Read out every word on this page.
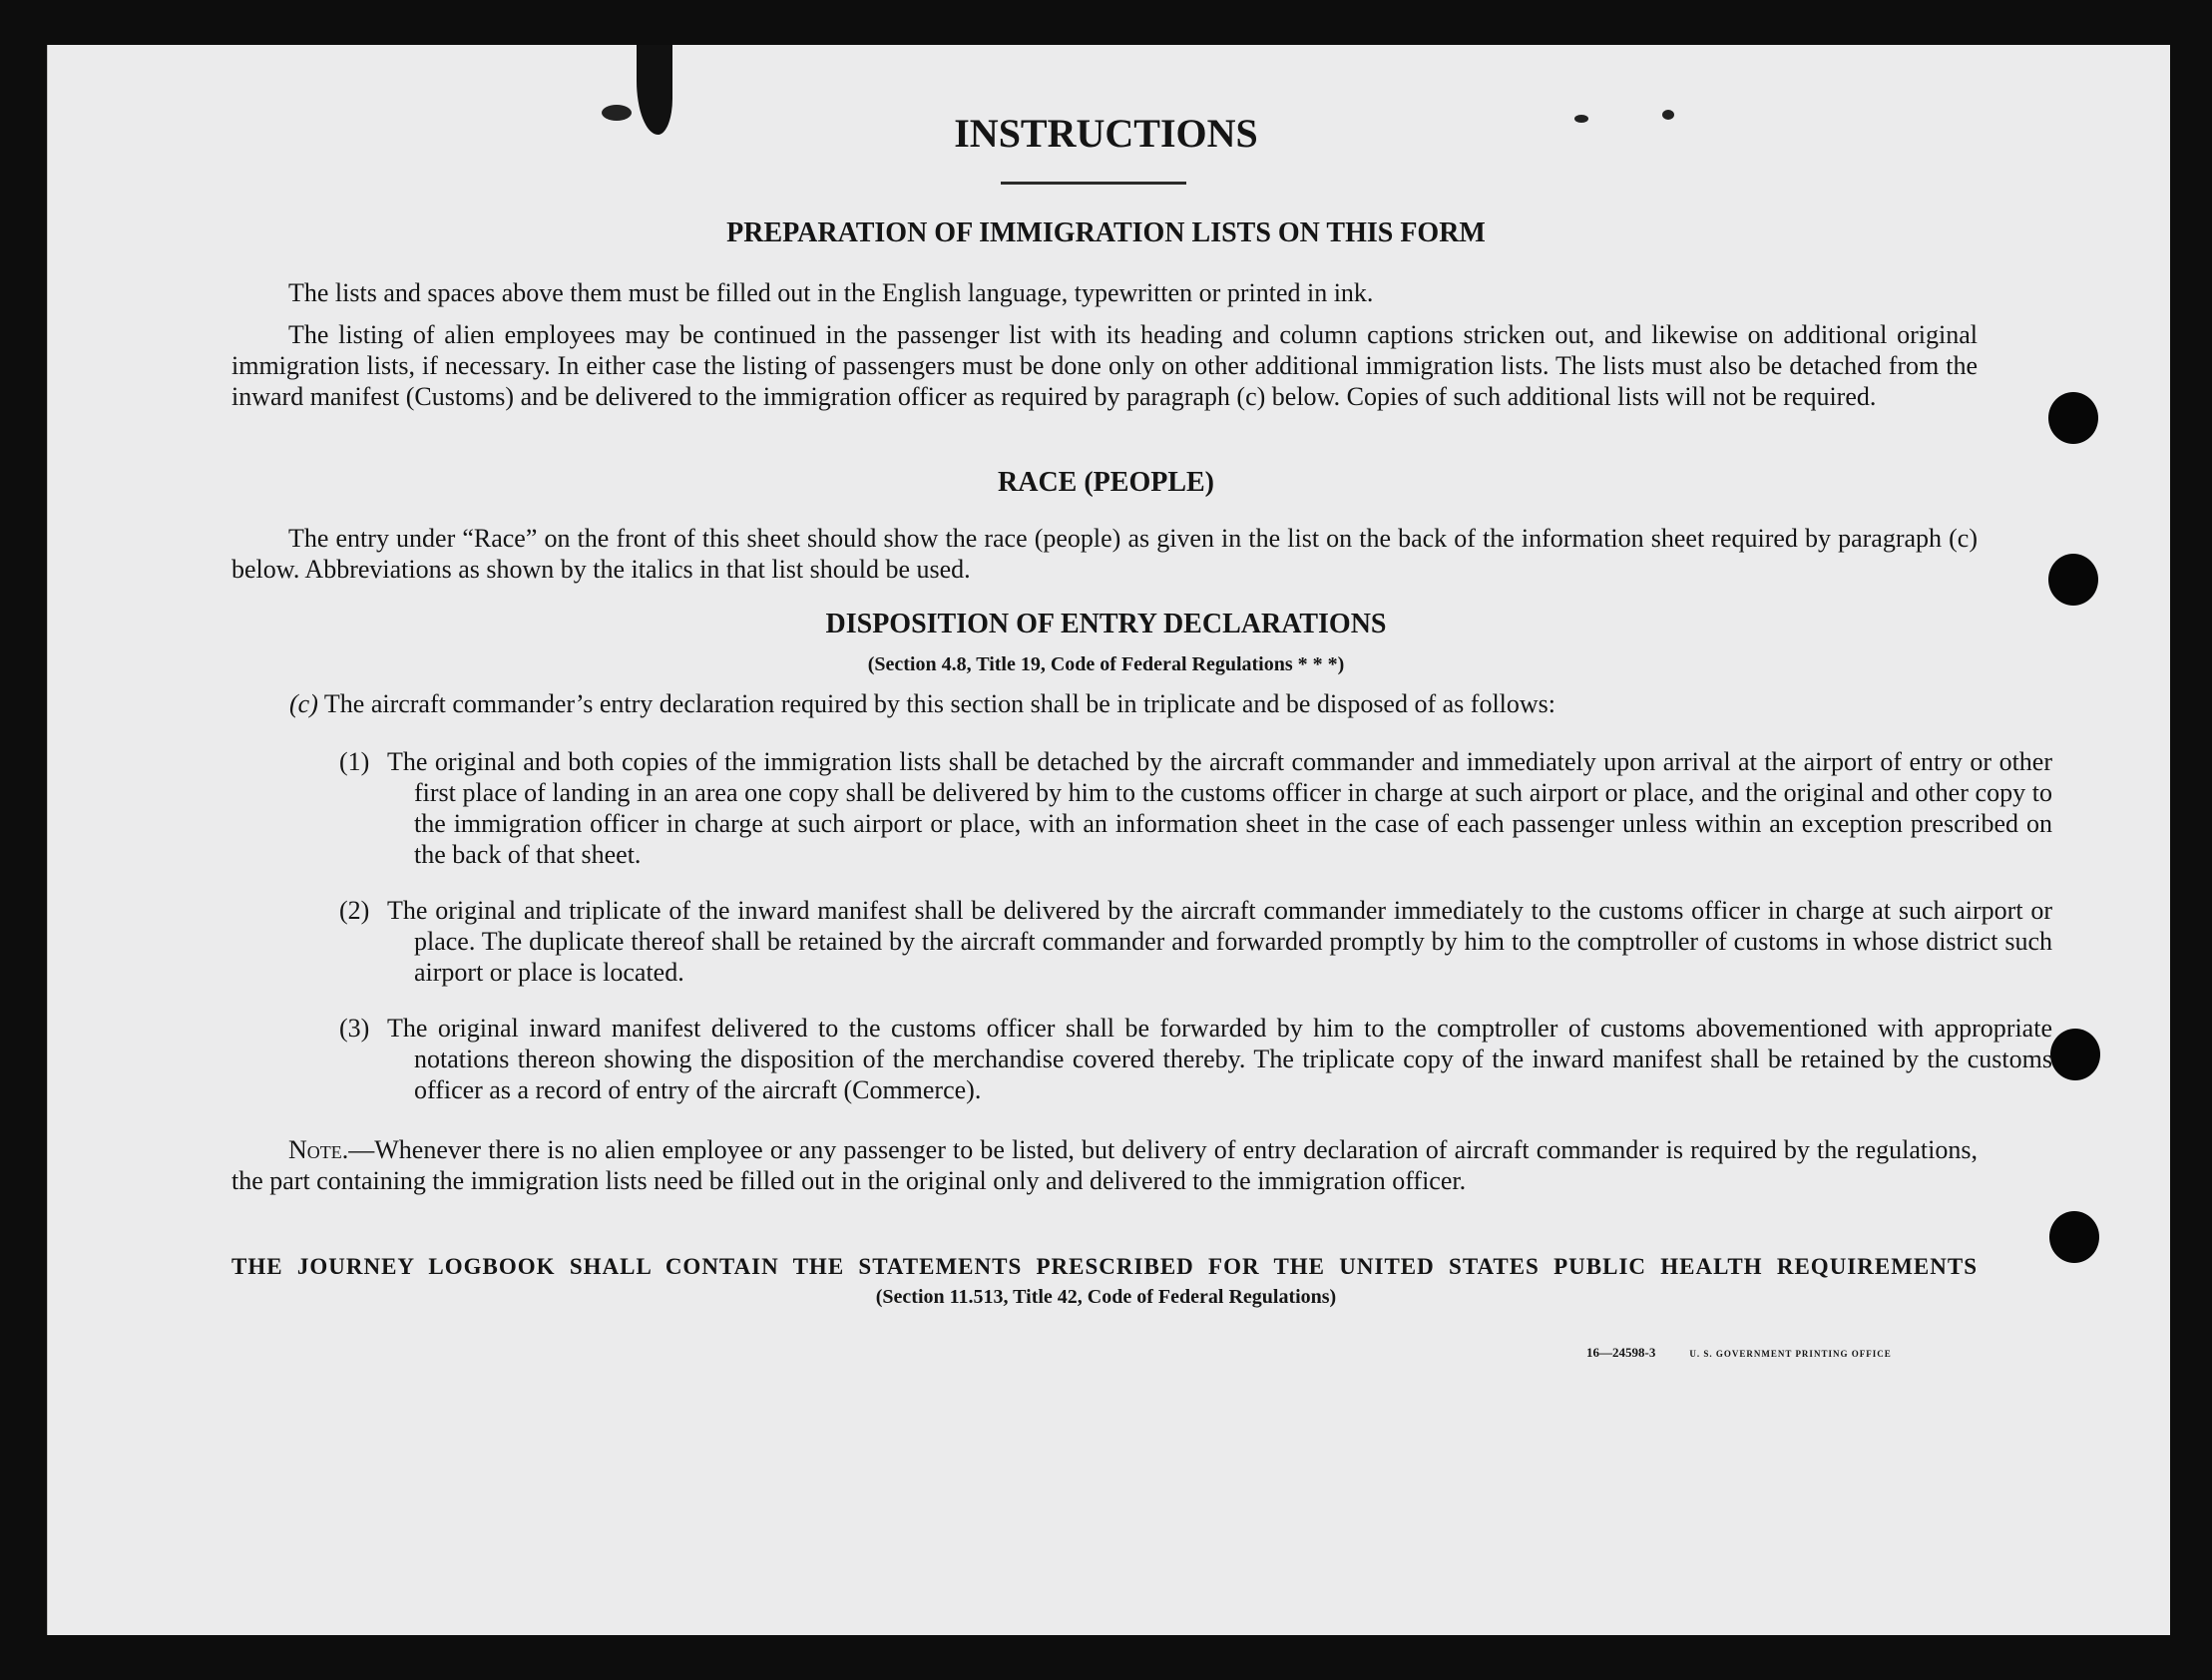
INSTRUCTIONS
PREPARATION OF IMMIGRATION LISTS ON THIS FORM
The lists and spaces above them must be filled out in the English language, typewritten or printed in ink.
The listing of alien employees may be continued in the passenger list with its heading and column captions stricken out, and likewise on additional original immigration lists, if necessary. In either case the listing of passengers must be done only on other additional immigration lists. The lists must also be detached from the inward manifest (Customs) and be delivered to the immigration officer as required by paragraph (c) below. Copies of such additional lists will not be required.
RACE (PEOPLE)
The entry under “Race” on the front of this sheet should show the race (people) as given in the list on the back of the information sheet required by paragraph (c) below. Abbreviations as shown by the italics in that list should be used.
DISPOSITION OF ENTRY DECLARATIONS
(Section 4.8, Title 19, Code of Federal Regulations * * *)
(c) The aircraft commander’s entry declaration required by this section shall be in triplicate and be disposed of as follows:
(1) The original and both copies of the immigration lists shall be detached by the aircraft commander and immediately upon arrival at the airport of entry or other first place of landing in an area one copy shall be delivered by him to the customs officer in charge at such airport or place, and the original and other copy to the immigration officer in charge at such airport or place, with an information sheet in the case of each passenger unless within an exception prescribed on the back of that sheet.
(2) The original and triplicate of the inward manifest shall be delivered by the aircraft commander immediately to the customs officer in charge at such airport or place. The duplicate thereof shall be retained by the aircraft commander and forwarded promptly by him to the comptroller of customs in whose district such airport or place is located.
(3) The original inward manifest delivered to the customs officer shall be forwarded by him to the comptroller of customs abovementioned with appropriate notations thereon showing the disposition of the merchandise covered thereby. The triplicate copy of the inward manifest shall be retained by the customs officer as a record of entry of the aircraft (Commerce).
Note.—Whenever there is no alien employee or any passenger to be listed, but delivery of entry declaration of aircraft commander is required by the regulations, the part containing the immigration lists need be filled out in the original only and delivered to the immigration officer.
THE JOURNEY LOGBOOK SHALL CONTAIN THE STATEMENTS PRESCRIBED FOR THE UNITED STATES PUBLIC HEALTH REQUIREMENTS
(Section 11.513, Title 42, Code of Federal Regulations)
16—24598-3	U. S. GOVERNMENT PRINTING OFFICE
